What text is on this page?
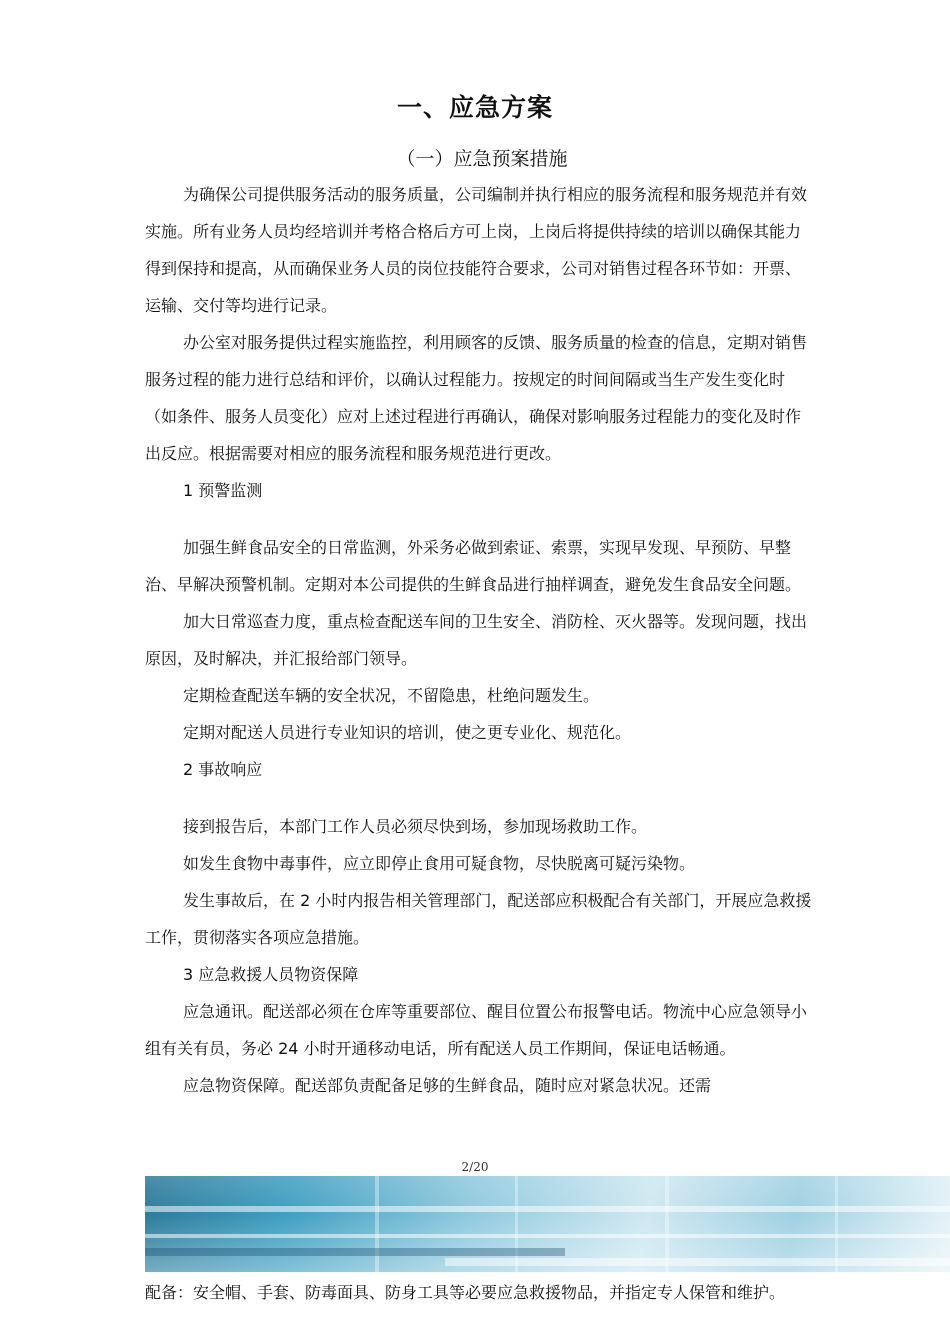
一、应急方案
（一）应急预案措施

为确保公司提供服务活动的服务质量，公司编制并执行相应的服务流程和服务规范并有效实施。所有业务人员均经培训并考格合格后方可上岗，上岗后将提供持续的培训以确保其能力得到保持和提高，从而确保业务人员的岗位技能符合要求，公司对销售过程各环节如：开票、运输、交付等均进行记录。

办公室对服务提供过程实施监控，利用顾客的反馈、服务质量的检查的信息，定期对销售服务过程的能力进行总结和评价，以确认过程能力。按规定的时间间隔或当生产发生变化时（如条件、服务人员变化）应对上述过程进行再确认，确保对影响服务过程能力的变化及时作出反应。根据需要对相应的服务流程和服务规范进行更改。

1 预警监测

加强生鲜食品安全的日常监测，外采务必做到索证、索票，实现早发现、早预防、早整治、早解决预警机制。定期对本公司提供的生鲜食品进行抽样调查，避免发生食品安全问题。

加大日常巡查力度，重点检查配送车间的卫生安全、消防栓、灭火器等。发现问题，找出原因，及时解决，并汇报给部门领导。

定期检查配送车辆的安全状况，不留隐患，杜绝问题发生。

定期对配送人员进行专业知识的培训，使之更专业化、规范化。

2 事故响应

接到报告后，本部门工作人员必须尽快到场，参加现场救助工作。

如发生食物中毒事件，应立即停止食用可疑食物，尽快脱离可疑污染物。

发生事故后，在 2 小时内报告相关管理部门，配送部应积极配合有关部门，开展应急救援工作，贯彻落实各项应急措施。

3 应急救援人员物资保障

应急通讯。配送部必须在仓库等重要部位、醒目位置公布报警电话。物流中心应急领导小组有关有员，务必 24 小时开通移动电话，所有配送人员工作期间，保证电话畅通。

应急物资保障。配送部负责配备足够的生鲜食品，随时应对紧急状况。还需

2/20
配备：安全帽、手套、防毒面具、防身工具等必要应急救援物品，并指定专人保管和维护。
